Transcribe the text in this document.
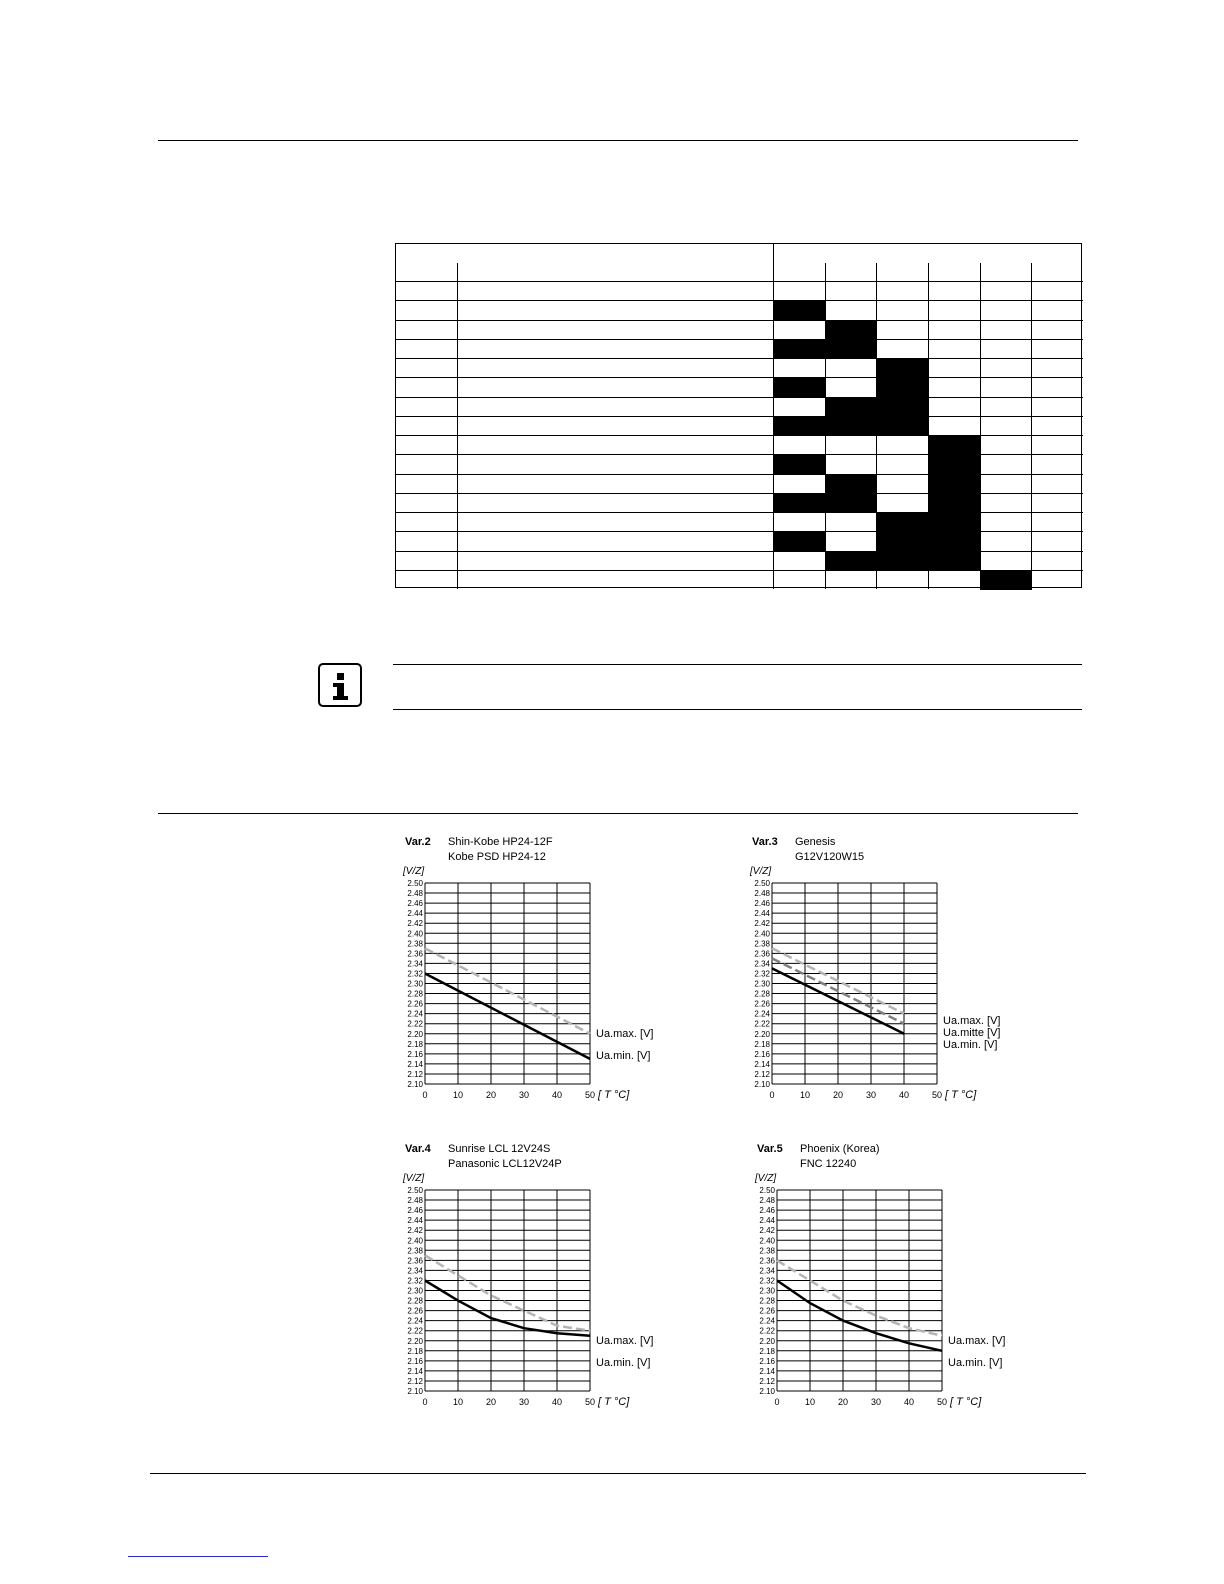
Var.2 Shin-Kobe HP24-12F
Kobe PSD HP24-12
[V/Z]
2.50
2.48
2.46
2.44
2.42
2.40
2.38
2.36
2.34
2.32
2.30
2.28
2.26
2.24
2.22
2.20
2.18
2.16
2.14
2.12
2.10
0	10	20	30	40	50 [ T °C]
Ua.max. [V]
Ua.min. [V]
Var.3 Genesis
G12V120W15
[V/Z]
2.50
2.48
2.46
2.44
2.42
2.40
2.38
2.36
2.34
2.32
2.30
2.28
2.26
2.24
2.22
2.20
2.18
2.16
2.14
2.12
2.10
0	10	20	30	40	50 [ T °C]
Ua.max. [V]
Ua.mitte [V]
Ua.min. [V]
Var.4 Sunrise LCL 12V24S
Panasonic LCL12V24P
[V/Z]
2.50
2.48
2.46
2.44
2.42
2.40
2.38
2.36
2.34
2.32
2.30
2.28
2.26
2.24
2.22
2.20
2.18
2.16
2.14
2.12
2.10
0	10	20	30	40	50 [ T °C]
Ua.max. [V]
Ua.min. [V]
Var.5 Phoenix (Korea)
FNC 12240
[V/Z]
2.50
2.48
2.46
2.44
2.42
2.40
2.38
2.36
2.34
2.32
2.30
2.28
2.26
2.24
2.22
2.20
2.18
2.16
2.14
2.12
2.10
0	10	20	30	40	50 [ T °C]
Ua.max. [V]
Ua.min. [V]
